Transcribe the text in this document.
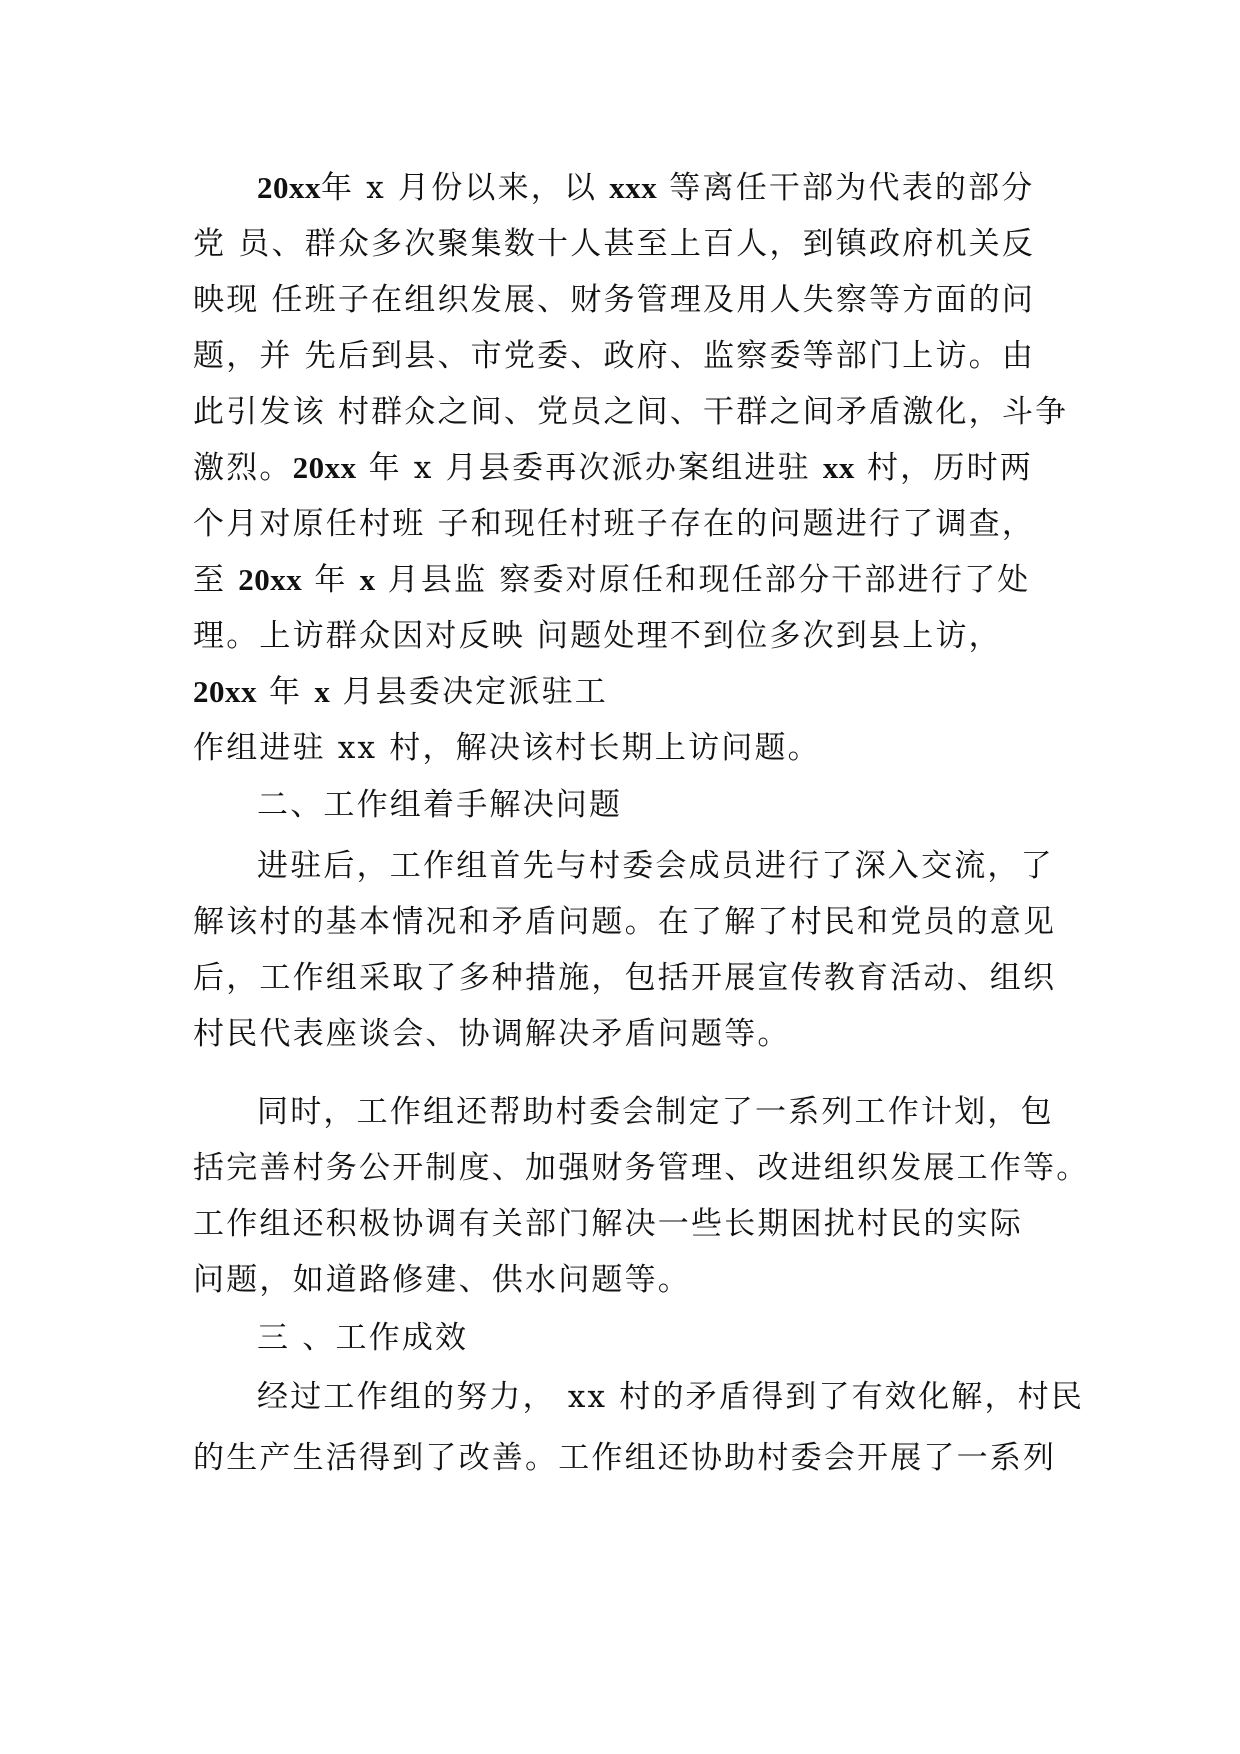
20xx年 x 月份以来，以 xxx 等离任干部为代表的部分
党 员、群众多次聚集数十人甚至上百人，到镇政府机关反
映现 任班子在组织发展、财务管理及用人失察等方面的问
题，并 先后到县、市党委、政府、监察委等部门上访。由
此引发该 村群众之间、党员之间、干群之间矛盾激化，斗争
激烈。20xx 年 x 月县委再次派办案组进驻 xx 村，历时两
个月对原任村班 子和现任村班子存在的问题进行了调查，
至 20xx 年 x 月县监 察委对原任和现任部分干部进行了处
理。上访群众因对反映 问题处理不到位多次到县上访，
20xx 年 x 月县委决定派驻工
作组进驻 xx 村，解决该村长期上访问题。
二、工作组着手解决问题
进驻后，工作组首先与村委会成员进行了深入交流，了
解该村的基本情况和矛盾问题。在了解了村民和党员的意见
后，工作组采取了多种措施，包括开展宣传教育活动、组织
村民代表座谈会、协调解决矛盾问题等。
同时，工作组还帮助村委会制定了一系列工作计划，包
括完善村务公开制度、加强财务管理、改进组织发展工作等。
工作组还积极协调有关部门解决一些长期困扰村民的实际
问题，如道路修建、供水问题等。
三 、工作成效
经过工作组的努力， xx 村的矛盾得到了有效化解，村民
的生产生活得到了改善。工作组还协助村委会开展了一系列
